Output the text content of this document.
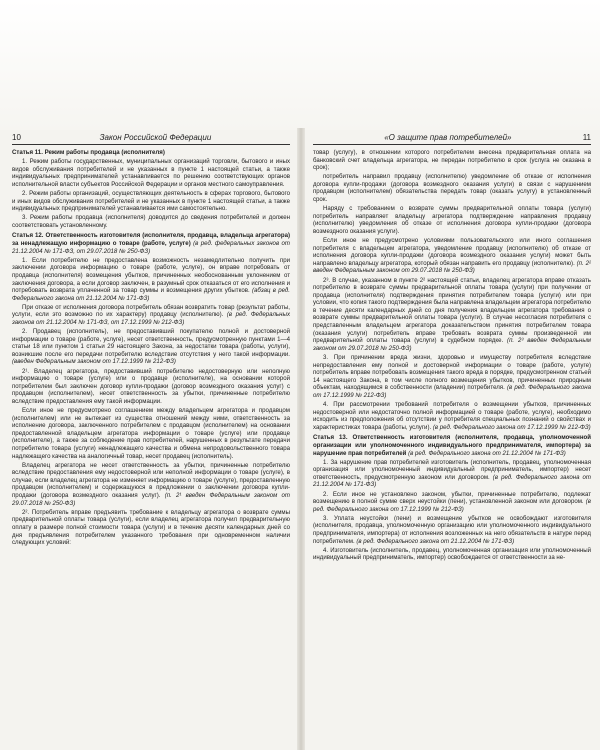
10	Закон Российской Федерации

Статья 11. Режим работы продавца (исполнителя)

1. Режим работы государственных, муниципальных организаций торговли, бытового и иных видов обслуживания потребителей и не указанных в пункте 1 настоящей статьи, а также индивидуальных предпринимателей устанавливается по решению соответствующих органов исполнительной власти субъектов Российской Федерации и органов местного самоуправления.

2. Режим работы организаций, осуществляющих деятельность в сферах торгового, бытового и иных видов обслуживания потребителей и не указанных в пункте 1 настоящей статьи, а также индивидуальных предпринимателей устанавливается ими самостоятельно.

3. Режим работы продавца (исполнителя) доводится до сведения потребителей и должен соответствовать установленному.

Статья 12. Ответственность изготовителя (исполнителя, продавца, владельца агрегатора) за ненадлежащую информацию о товаре (работе, услуге) (в ред. федеральных законов от 21.12.2004 № 171-ФЗ, от 29.07.2018 № 250-ФЗ)

1. Если потребителю не предоставлена возможность незамедлительно получить при заключении договора информацию о товаре (работе, услуге), он вправе потребовать от продавца (исполнителя) возмещения убытков, причиненных необоснованным уклонением от заключения договора, а если договор заключен, в разумный срок отказаться от его исполнения и потребовать возврата уплаченной за товар суммы и возмещения других убытков. (абзац в ред. Федерального закона от 21.12.2004 № 171-ФЗ)

При отказе от исполнения договора потребитель обязан возвратить товар (результат работы, услуги, если это возможно по их характеру) продавцу (исполнителю). (в ред. Федеральных законов от 21.12.2004 № 171-ФЗ, от 17.12.1999 № 212-ФЗ)

2. Продавец (исполнитель), не предоставивший покупателю полной и достоверной информации о товаре (работе, услуге), несет ответственность, предусмотренную пунктами 1—4 статьи 18 или пунктом 1 статьи 29 настоящего Закона, за недостатки товара (работы, услуги), возникшие после его передачи потребителю вследствие отсутствия у него такой информации. (введен Федеральным законом от 17.12.1999 № 212-ФЗ)

2¹. Владелец агрегатора, предоставивший потребителю недостоверную или неполную информацию о товаре (услуге) или о продавце (исполнителе), на основании которой потребителем был заключен договор купли-продажи (договор возмездного оказания услуг) с продавцом (исполнителем), несет ответственность за убытки, причиненные потребителю вследствие предоставления ему такой информации.

Если иное не предусмотрено соглашением между владельцем агрегатора и продавцом (исполнителем) или не вытекает из существа отношений между ними, ответственность за исполнение договора, заключенного потребителем с продавцом (исполнителем) на основании предоставленной владельцем агрегатора информации о товаре (услуге) или продавце (исполнителе), а также за соблюдение прав потребителей, нарушенных в результате передачи потребителю товара (услуги) ненадлежащего качества и обмена непродовольственного товара надлежащего качества на аналогичный товар, несет продавец (исполнитель).

Владелец агрегатора не несет ответственность за убытки, причиненные потребителю вследствие предоставления ему недостоверной или неполной информации о товаре (услуге), в случае, если владелец агрегатора не изменяет информацию о товаре (услуге), предоставленную продавцом (исполнителем) и содержащуюся в предложении о заключении договора купли-продажи (договора возмездного оказания услуг). (п. 2¹ введен Федеральным законом от 29.07.2018 № 250-ФЗ)

2². Потребитель вправе предъявить требование к владельцу агрегатора о возврате суммы предварительной оплаты товара (услуги), если владелец агрегатора получил предварительную оплату в размере полной стоимости товара (услуги) и в течение десяти календарных дней со дня предъявления потребителем указанного требования при одновременном наличии следующих условий:

«О защите прав потребителей»	11

товар (услугу), в отношении которого потребителем внесена предварительная оплата на банковский счет владельца агрегатора, не передан потребителю в срок (услуга не оказана в срок);

потребитель направил продавцу (исполнителю) уведомление об отказе от исполнения договора купли-продажи (договора возмездного оказания услуги) в связи с нарушением продавцом (исполнителем) обязательства передать товар (оказать услугу) в установленный срок.

Наряду с требованием о возврате суммы предварительной оплаты товара (услуги) потребитель направляет владельцу агрегатора подтверждение направления продавцу (исполнителю) уведомления об отказе от исполнения договора купли-продажи (договора возмездного оказания услуги).

Если иное не предусмотрено условиями пользовательского или иного соглашения потребителя с владельцем агрегатора, уведомление продавцу (исполнителю) об отказе от исполнения договора купли-продажи (договора возмездного оказания услуги) может быть направлено владельцу агрегатора, который обязан направить его продавцу (исполнителю). (п. 2² введен Федеральным законом от 29.07.2018 № 250-ФЗ)

2³. В случае, указанном в пункте 2² настоящей статьи, владелец агрегатора вправе отказать потребителю в возврате суммы предварительной оплаты товара (услуги) при получении от продавца (исполнителя) подтверждения принятия потребителем товара (услуги) или при условии, что копия такого подтверждения была направлена владельцем агрегатора потребителю в течение десяти календарных дней со дня получения владельцем агрегатора требования о возврате суммы предварительной оплаты товара (услуги). В случае несогласия потребителя с представленным владельцем агрегатора доказательством принятия потребителем товара (оказания услуги) потребитель вправе требовать возврата суммы произведенной им предварительной оплаты товара (услуги) в судебном порядке. (п. 2³ введен Федеральным законом от 29.07.2018 № 250-ФЗ)

3. При причинении вреда жизни, здоровью и имуществу потребителя вследствие непредоставления ему полной и достоверной информации о товаре (работе, услуге) потребитель вправе потребовать возмещения такого вреда в порядке, предусмотренном статьей 14 настоящего Закона, в том числе полного возмещения убытков, причиненных природным объектам, находящимся в собственности (владении) потребителя. (в ред. Федерального закона от 17.12.1999 № 212-ФЗ)

4. При рассмотрении требований потребителя о возмещении убытков, причиненных недостоверной или недостаточно полной информацией о товаре (работе, услуге), необходимо исходить из предположения об отсутствии у потребителя специальных познаний о свойствах и характеристиках товара (работы, услуги). (в ред. Федерального закона от 17.12.1999 № 212-ФЗ)

Статья 13. Ответственность изготовителя (исполнителя, продавца, уполномоченной организации или уполномоченного индивидуального предпринимателя, импортера) за нарушение прав потребителей (в ред. Федерального закона от 21.12.2004 № 171-ФЗ)

1. За нарушение прав потребителей изготовитель (исполнитель, продавец, уполномоченная организация или уполномоченный индивидуальный предприниматель, импортер) несет ответственность, предусмотренную законом или договором. (в ред. Федерального закона от 21.12.2004 № 171-ФЗ)

2. Если иное не установлено законом, убытки, причиненные потребителю, подлежат возмещению в полной сумме сверх неустойки (пени), установленной законом или договором. (в ред. Федерального закона от 17.12.1999 № 212-ФЗ)

3. Уплата неустойки (пени) и возмещение убытков не освобождают изготовителя (исполнителя, продавца, уполномоченную организацию или уполномоченного индивидуального предпринимателя, импортера) от исполнения возложенных на него обязательств в натуре перед потребителем. (в ред. Федерального закона от 21.12.2004 № 171-ФЗ)

4. Изготовитель (исполнитель, продавец, уполномоченная организация или уполномоченный индивидуальный предприниматель, импортер) освобождается от ответственности за не-
